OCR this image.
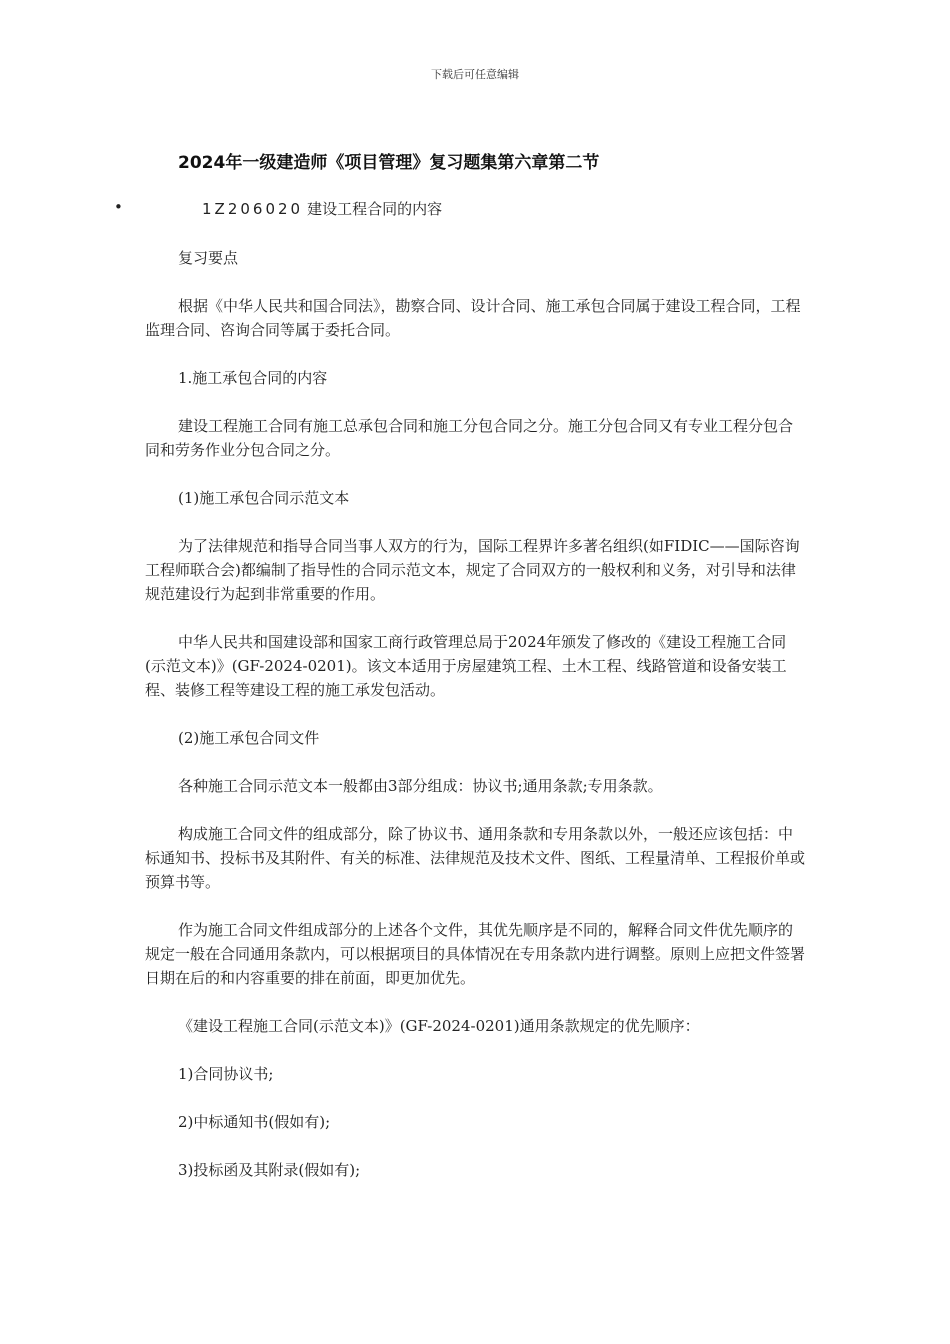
下载后可任意编辑
2024年一级建造师《项目管理》复习题集第六章第二节
•	1Z206020 建设工程合同的内容

复习要点

根据《中华人民共和国合同法》，勘察合同、设计合同、施工承包合同属于建设工程合同，工程监理合同、咨询合同等属于委托合同。

1.施工承包合同的内容

建设工程施工合同有施工总承包合同和施工分包合同之分。施工分包合同又有专业工程分包合同和劳务作业分包合同之分。

(1)施工承包合同示范文本

为了法律规范和指导合同当事人双方的行为，国际工程界许多著名组织(如FIDIC——国际咨询工程师联合会)都编制了指导性的合同示范文本，规定了合同双方的一般权利和义务，对引导和法律规范建设行为起到非常重要的作用。

中华人民共和国建设部和国家工商行政管理总局于2024年颁发了修改的《建设工程施工合同(示范文本)》(GF-2024-0201)。该文本适用于房屋建筑工程、土木工程、线路管道和设备安装工程、装修工程等建设工程的施工承发包活动。

(2)施工承包合同文件

各种施工合同示范文本一般都由3部分组成：协议书;通用条款;专用条款。

构成施工合同文件的组成部分，除了协议书、通用条款和专用条款以外，一般还应该包括：中标通知书、投标书及其附件、有关的标准、法律规范及技术文件、图纸、工程量清单、工程报价单或预算书等。

作为施工合同文件组成部分的上述各个文件，其优先顺序是不同的，解释合同文件优先顺序的规定一般在合同通用条款内，可以根据项目的具体情况在专用条款内进行调整。原则上应把文件签署日期在后的和内容重要的排在前面，即更加优先。

《建设工程施工合同(示范文本)》(GF-2024-0201)通用条款规定的优先顺序：

1)合同协议书;

2)中标通知书(假如有);

3)投标函及其附录(假如有);
